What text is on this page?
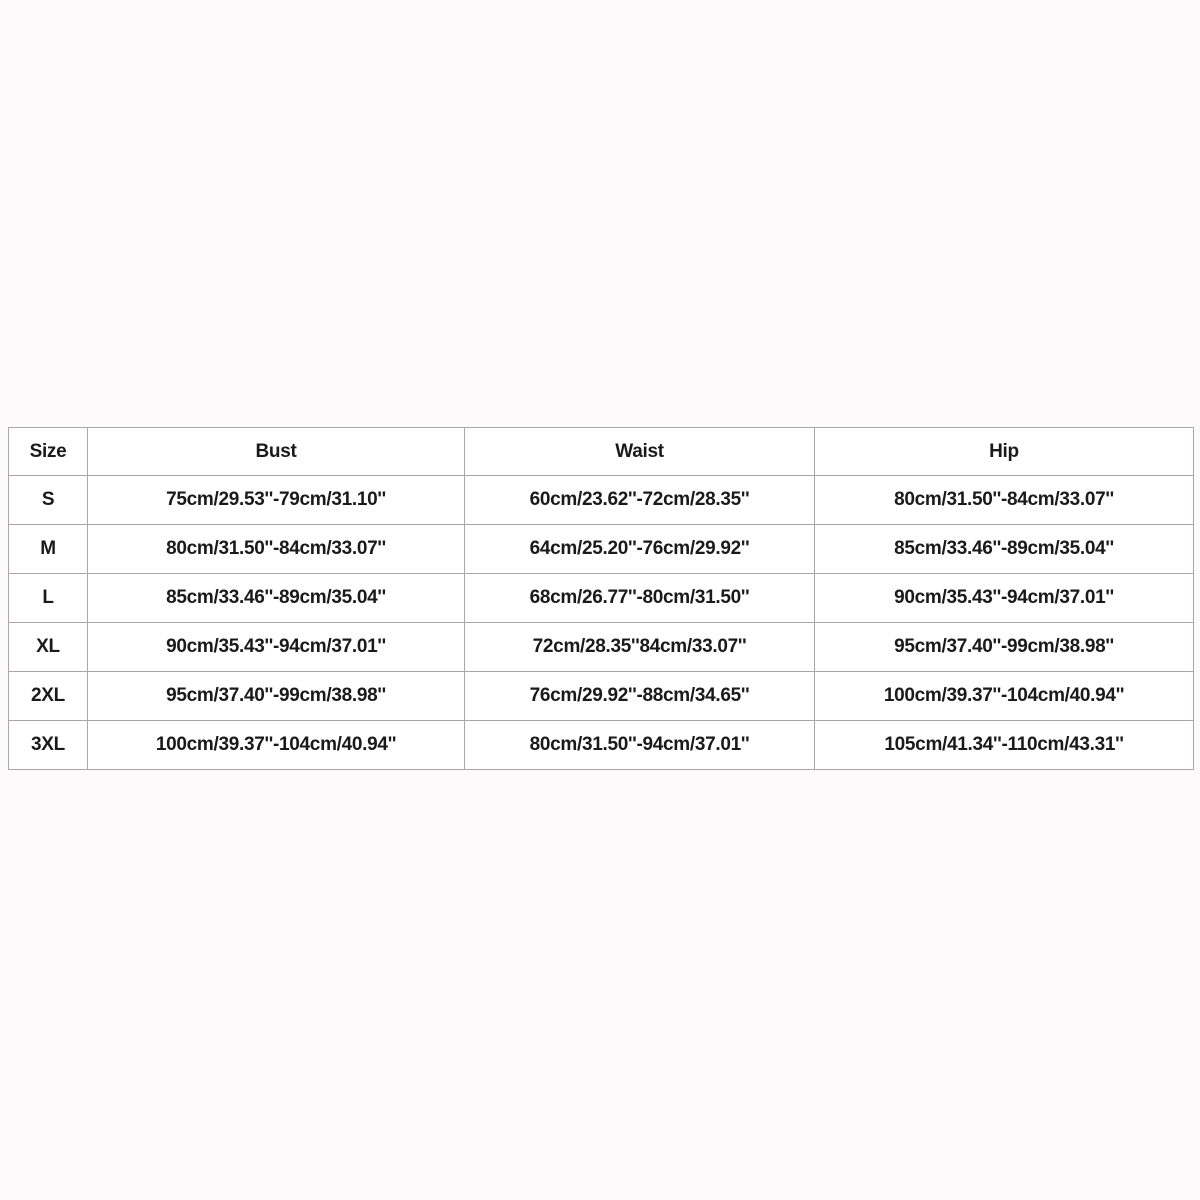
Size	Bust	Waist	Hip
S	75cm/29.53''-79cm/31.10''	60cm/23.62''-72cm/28.35''	80cm/31.50''-84cm/33.07''
M	80cm/31.50''-84cm/33.07''	64cm/25.20''-76cm/29.92''	85cm/33.46''-89cm/35.04''
L	85cm/33.46''-89cm/35.04''	68cm/26.77''-80cm/31.50''	90cm/35.43''-94cm/37.01''
XL	90cm/35.43''-94cm/37.01''	72cm/28.35''84cm/33.07''	95cm/37.40''-99cm/38.98''
2XL	95cm/37.40''-99cm/38.98''	76cm/29.92''-88cm/34.65''	100cm/39.37''-104cm/40.94''
3XL	100cm/39.37''-104cm/40.94''	80cm/31.50''-94cm/37.01''	105cm/41.34''-110cm/43.31''
